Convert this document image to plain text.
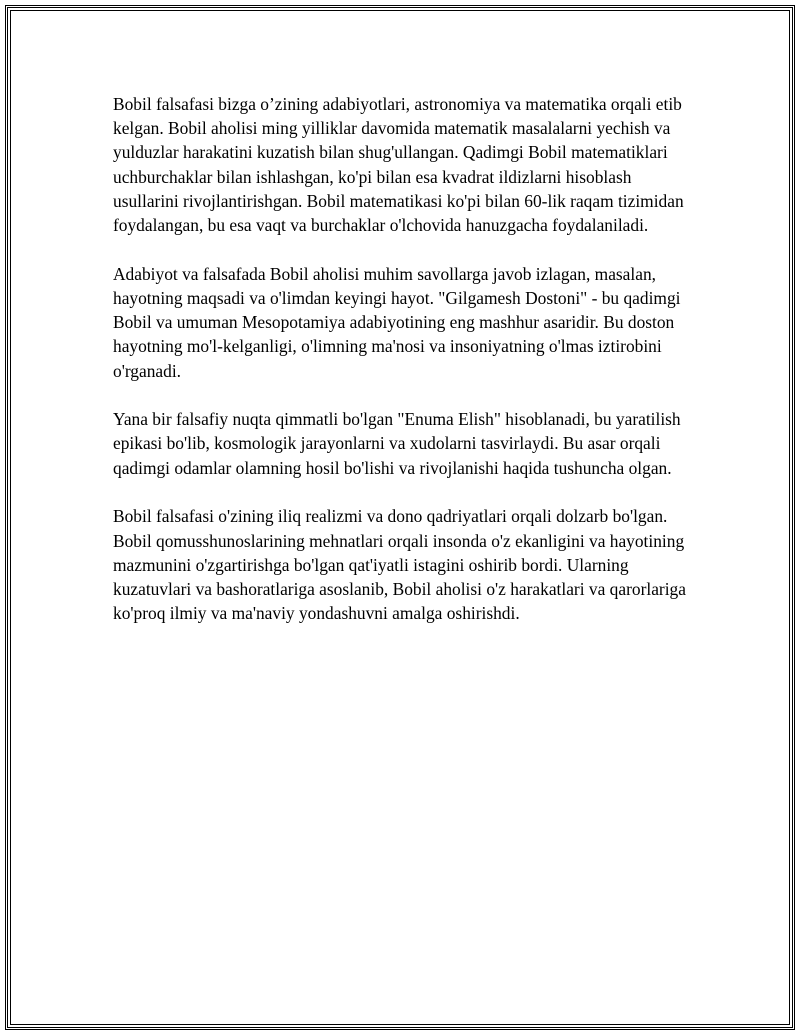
Bobil falsafasi bizga o’zining adabiyotlari, astronomiya va matematika orqali etib kelgan. Bobil aholisi ming yilliklar davomida matematik masalalarni yechish va yulduzlar harakatini kuzatish bilan shug'ullangan. Qadimgi Bobil matematiklari uchburchaklar bilan ishlashgan, ko'pi bilan esa kvadrat ildizlarni hisoblash usullarini rivojlantirishgan. Bobil matematikasi ko'pi bilan 60-lik raqam tizimidan foydalangan, bu esa vaqt va burchaklar o'lchovida hanuzgacha foydalaniladi.

Adabiyot va falsafada Bobil aholisi muhim savollarga javob izlagan, masalan, hayotning maqsadi va o'limdan keyingi hayot. "Gilgamesh Dostoni" - bu qadimgi Bobil va umuman Mesopotamiya adabiyotining eng mashhur asaridir. Bu doston hayotning mo'l-kelganligi, o'limning ma'nosi va insoniyatning o'lmas iztirobini o'rganadi.

Yana bir falsafiy nuqta qimmatli bo'lgan "Enuma Elish" hisoblanadi, bu yaratilish epikasi bo'lib, kosmologik jarayonlarni va xudolarni tasvirlaydi. Bu asar orqali qadimgi odamlar olamning hosil bo'lishi va rivojlanishi haqida tushuncha olgan.

Bobil falsafasi o'zining iliq realizmi va dono qadriyatlari orqali dolzarb bo'lgan. Bobil qomusshunoslarining mehnatlari orqali insonda o'z ekanligini va hayotining mazmunini o'zgartirishga bo'lgan qat'iyatli istagini oshirib bordi. Ularning kuzatuvlari va bashoratlariga asoslanib, Bobil aholisi o'z harakatlari va qarorlariga ko'proq ilmiy va ma'naviy yondashuvni amalga oshirishdi.
